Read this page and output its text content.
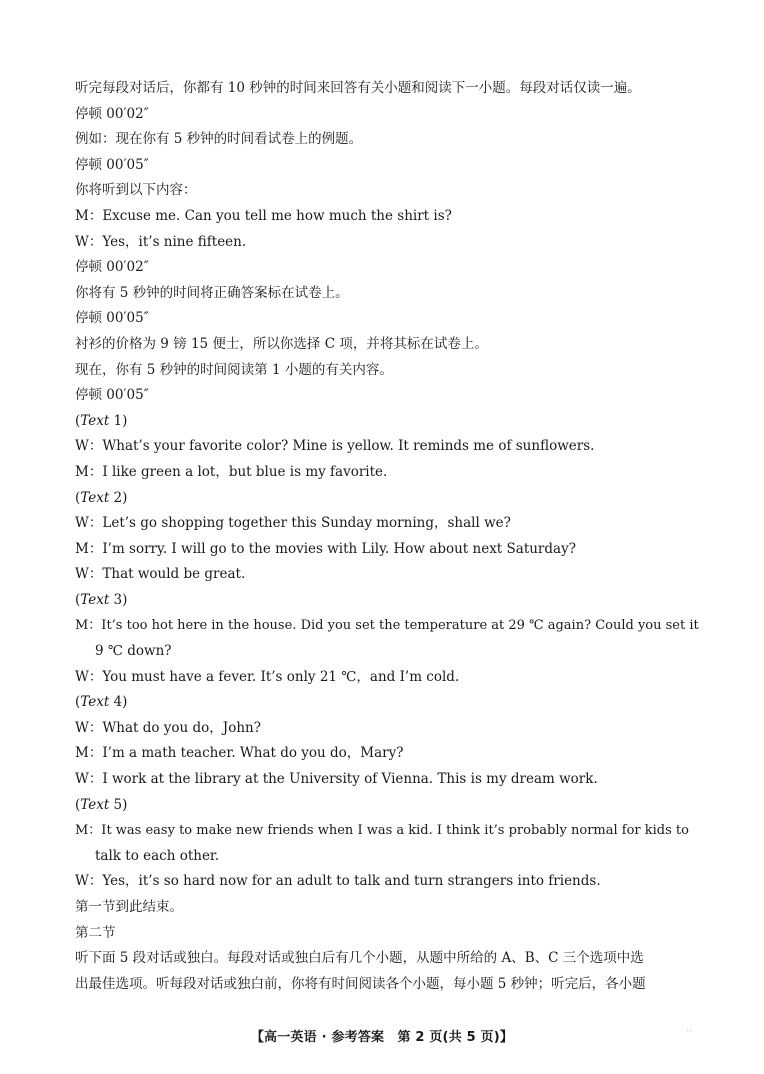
听完每段对话后，你都有 10 秒钟的时间来回答有关小题和阅读下一小题。每段对话仅读一遍。
停顿 00′02″
例如：现在你有 5 秒钟的时间看试卷上的例题。
停顿 00′05″
你将听到以下内容：
M：Excuse me. Can you tell me how much the shirt is?
W：Yes，it’s nine fifteen.
停顿 00′02″
你将有 5 秒钟的时间将正确答案标在试卷上。
停顿 00′05″
衬衫的价格为 9 镑 15 便士，所以你选择 C 项，并将其标在试卷上。
现在，你有 5 秒钟的时间阅读第 1 小题的有关内容。
停顿 00′05″
(Text 1)
W：What’s your favorite color? Mine is yellow. It reminds me of sunflowers.
M：I like green a lot，but blue is my favorite.
(Text 2)
W：Let’s go shopping together this Sunday morning，shall we?
M：I’m sorry. I will go to the movies with Lily. How about next Saturday?
W：That would be great.
(Text 3)
M：It’s too hot here in the house. Did you set the temperature at 29 ℃ again? Could you set it
9 ℃ down?
W：You must have a fever. It’s only 21 ℃，and I’m cold.
(Text 4)
W：What do you do，John?
M：I’m a math teacher. What do you do，Mary?
W：I work at the library at the University of Vienna. This is my dream work.
(Text 5)
M：It was easy to make new friends when I was a kid. I think it’s probably normal for kids to
talk to each other.
W：Yes，it’s so hard now for an adult to talk and turn strangers into friends.
第一节到此结束。
第二节
听下面 5 段对话或独白。每段对话或独白后有几个小题，从题中所给的 A、B、C 三个选项中选
出最佳选项。听每段对话或独白前，你将有时间阅读各个小题，每小题 5 秒钟；听完后，各小题
【高一英语 · 参考答案　第 2 页(共 5 页)】
..
